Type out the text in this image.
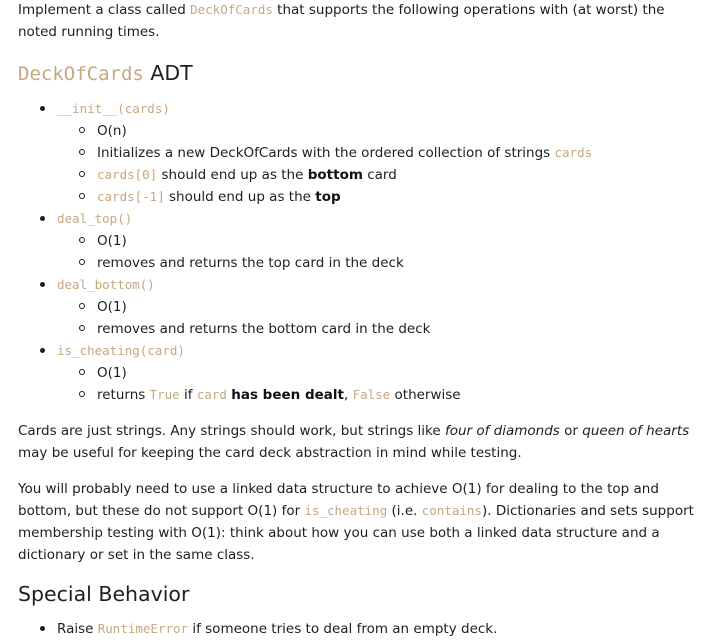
Implement a class called DeckOfCards that supports the following operations with (at worst) the noted running times.

DeckOfCards ADT
__init__(cards)
O(n)
Initializes a new DeckOfCards with the ordered collection of strings cards
cards[0] should end up as the bottom card
cards[-1] should end up as the top
deal_top()
O(1)
removes and returns the top card in the deck
deal_bottom()
O(1)
removes and returns the bottom card in the deck
is_cheating(card)
O(1)
returns True if card has been dealt, False otherwise

Cards are just strings. Any strings should work, but strings like four of diamonds or queen of hearts may be useful for keeping the card deck abstraction in mind while testing.

You will probably need to use a linked data structure to achieve O(1) for dealing to the top and bottom, but these do not support O(1) for is_cheating (i.e. contains). Dictionaries and sets support membership testing with O(1): think about how you can use both a linked data structure and a dictionary or set in the same class.

Special Behavior
Raise RuntimeError if someone tries to deal from an empty deck.
